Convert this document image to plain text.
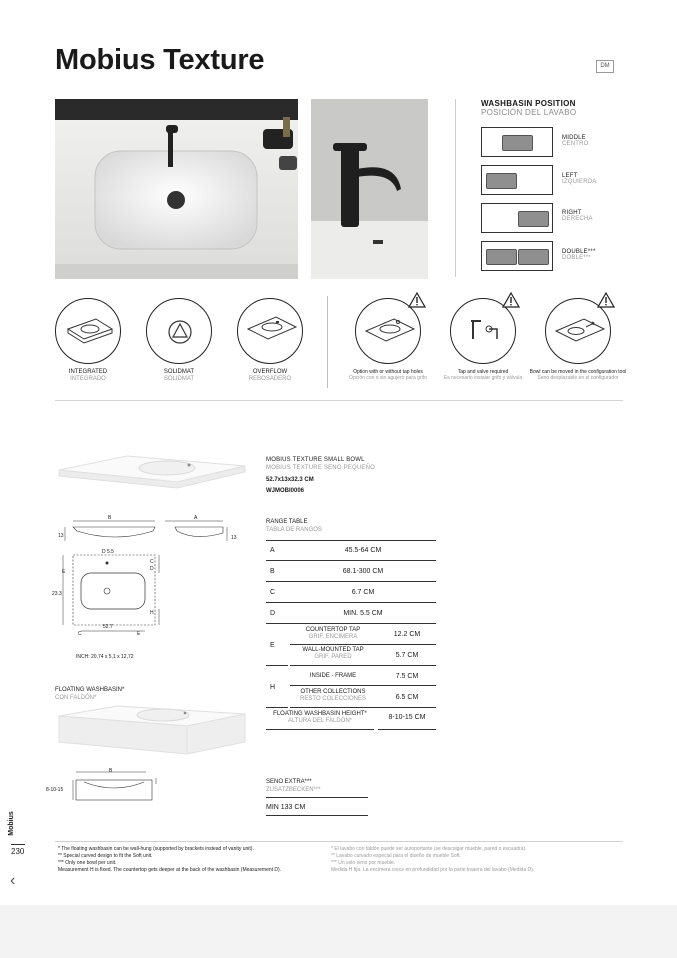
Mobius Texture	DM
WASHBASIN POSITION
POSICIÓN DEL LAVABO
MIDDLE
CENTRO
LEFT
IZQUIERDA
RIGHT
DERECHA
DOUBLE***
DOBLE***
INTEGRATED
INTEGRADO
SOLIDMAT
SOLIDMAT
OVERFLOW
REBOSADERO
Option with or without tap holes
Opción con o sin agujero para grifo
Tap and valve required
Es necesario instalar grifo y válvula
Bowl can be moved in the configuration tool
Seno desplazable en el configurador
MOBIUS TEXTURE SMALL BOWL
MOBIUS TEXTURE SENO PEQUEÑO
52.7x13x32.3 CM
WJMOBI0006
B	A
13	13
D 5.5
C
D
E
23.3
H
52.7
C	E
INCH: 20,74 x 5,1 x 12,72
RANGE TABLE
TABLA DE RANGOS
A	45.5-64 CM
B	68.1-300 CM
C	6.7 CM
D	MIN. 5.5 CM
E
COUNTERTOP TAP
GRIF. ENCIMERA	12.2 CM
WALL-MOUNTED TAP
GRIF. PARED	5.7 CM
H
INSIDE - FRAME	7.5 CM
OTHER COLLECTIONS
RESTO COLECCIONES	6.5 CM
FLOATING WASHBASIN HEIGHT*
ALTURA DEL FALDÓN*	8-10-15 CM
FLOATING WASHBASIN*
CON FALDÓN*
8-10-15
B
SENO EXTRA***
ZUSATZBECKEN***
MIN 133 CM
Mobius
230
‹
* The floating washbasin can be wall-hung (supported by brackets instead of vanity unit).
** Special curved design to fit the Soft unit.
*** Only one bowl per unit.
Measurement H is fixed. The countertop gets deeper at the back of the washbasin (Measurement D).
* El lavabo con faldón puede ser autoportante (se descolgar mueble, pared o escuadra).
** Lavabo curvado especial para el diseño de mueble Soft.
*** Un solo seno por mueble.
Medida H fija. La encimera crece en profundidad por la parte trasera del lavabo (Medida D).
